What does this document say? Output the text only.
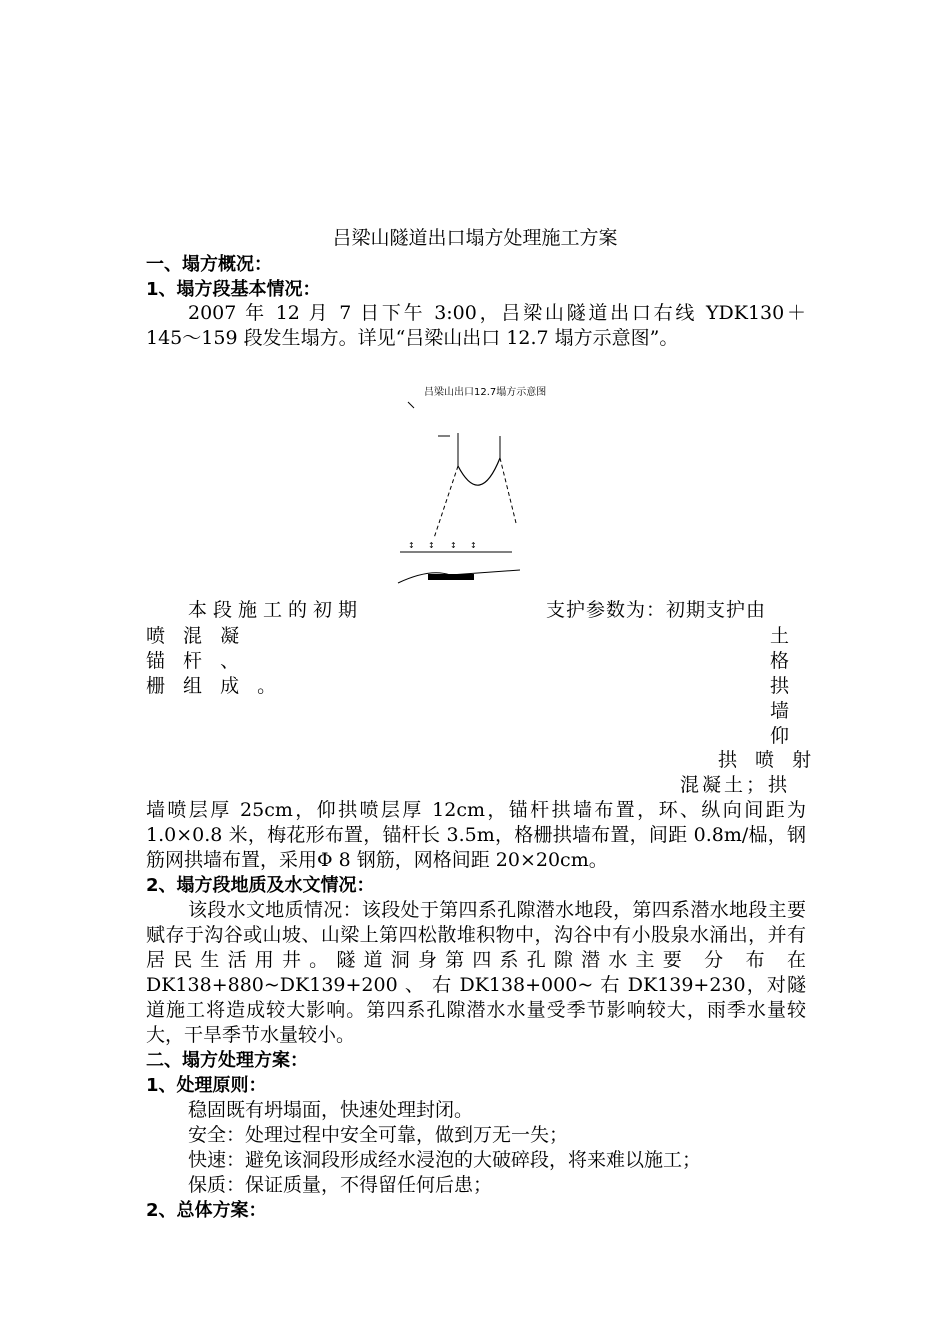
吕梁山隧道出口塌方处理施工方案
一、塌方概况：
1、塌方段基本情况：
2007 年 12 月 7 日下午 3:00，吕梁山隧道出口右线 YDK130＋
145～159 段发生塌方。详见“吕梁山出口 12.7 塌方示意图”。
吕梁山出口12.7塌方示意图
↕ ↕ ↕ ↕
本段施工的初期	支护参数为：初期支护由
喷 混 凝
锚 杆 、
栅 组 成 。
土
格
拱
墙
仰
拱 喷 射
混凝土；拱
墙喷层厚 25cm，仰拱喷层厚 12cm，锚杆拱墙布置，环、纵向间距为 1.0×0.8 米，梅花形布置，锚杆长 3.5m，格栅拱墙布置，间距 0.8m/榀，钢筋网拱墙布置，采用Φ 8 钢筋，网格间距 20×20cm。
2、塌方段地质及水文情况：
该段水文地质情况：该段处于第四系孔隙潜水地段，第四系潜水地段主要赋存于沟谷或山坡、山梁上第四松散堆积物中，沟谷中有小股泉水涌出，并有居民生活用井。隧道洞身第四系孔隙潜水主要 分 布 在 DK138+880~DK139+200 、 右 DK138+000~ 右 DK139+230，对隧道施工将造成较大影响。第四系孔隙潜水水量受季节影响较大，雨季水量较大，干旱季节水量较小。
二、塌方处理方案：
1、处理原则：
稳固既有坍塌面，快速处理封闭。
安全：处理过程中安全可靠，做到万无一失；
快速：避免该洞段形成经水浸泡的大破碎段，将来难以施工；
保质：保证质量，不得留任何后患；
2、总体方案：
